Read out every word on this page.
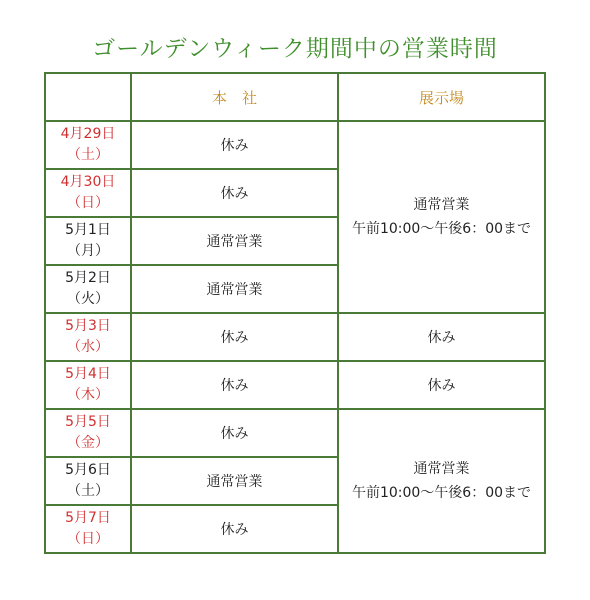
ゴールデンウィーク期間中の営業時間
	本　社	展示場

4月29日
（土）	休み	通常営業
午前10:00～午後6：00まで

4月30日
（日）	休み	

5月1日
（月）	通常営業	

5月2日
（火）	通常営業	

5月3日
（水）	休み	休み

5月4日
（木）	休み	休み

5月5日
（金）	休み	通常営業
午前10:00～午後6：00まで

5月6日
（土）	通常営業	

5月7日
（日）	休み	
